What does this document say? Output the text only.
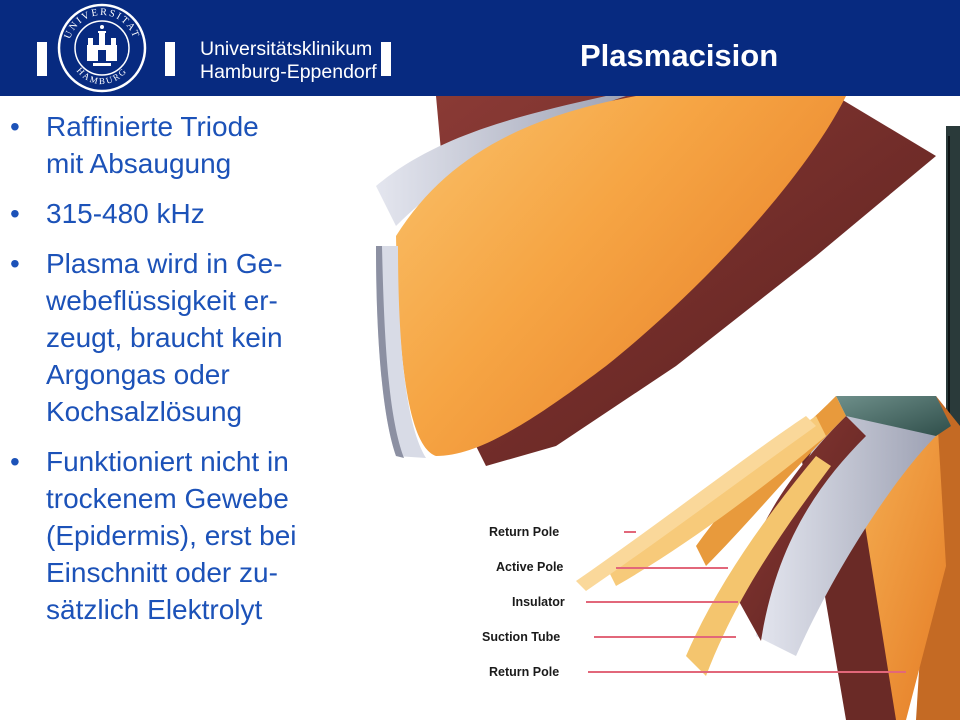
UNIVERSITAT
HAMBURG
Universitätsklinikum
Hamburg-Eppendorf	Plasmacision
Return Pole
Active Pole
Insulator
Suction Tube
Return Pole
• Raffinierte Triode
mit Absaugung
• 315-480 kHz
• Plasma wird in Ge-
webeflüssigkeit er-
zeugt, braucht kein
Argongas oder
Kochsalzlösung
• Funktioniert nicht in
trockenem Gewebe
(Epidermis), erst bei
Einschnitt oder zu-
sätzlich Elektrolyt
